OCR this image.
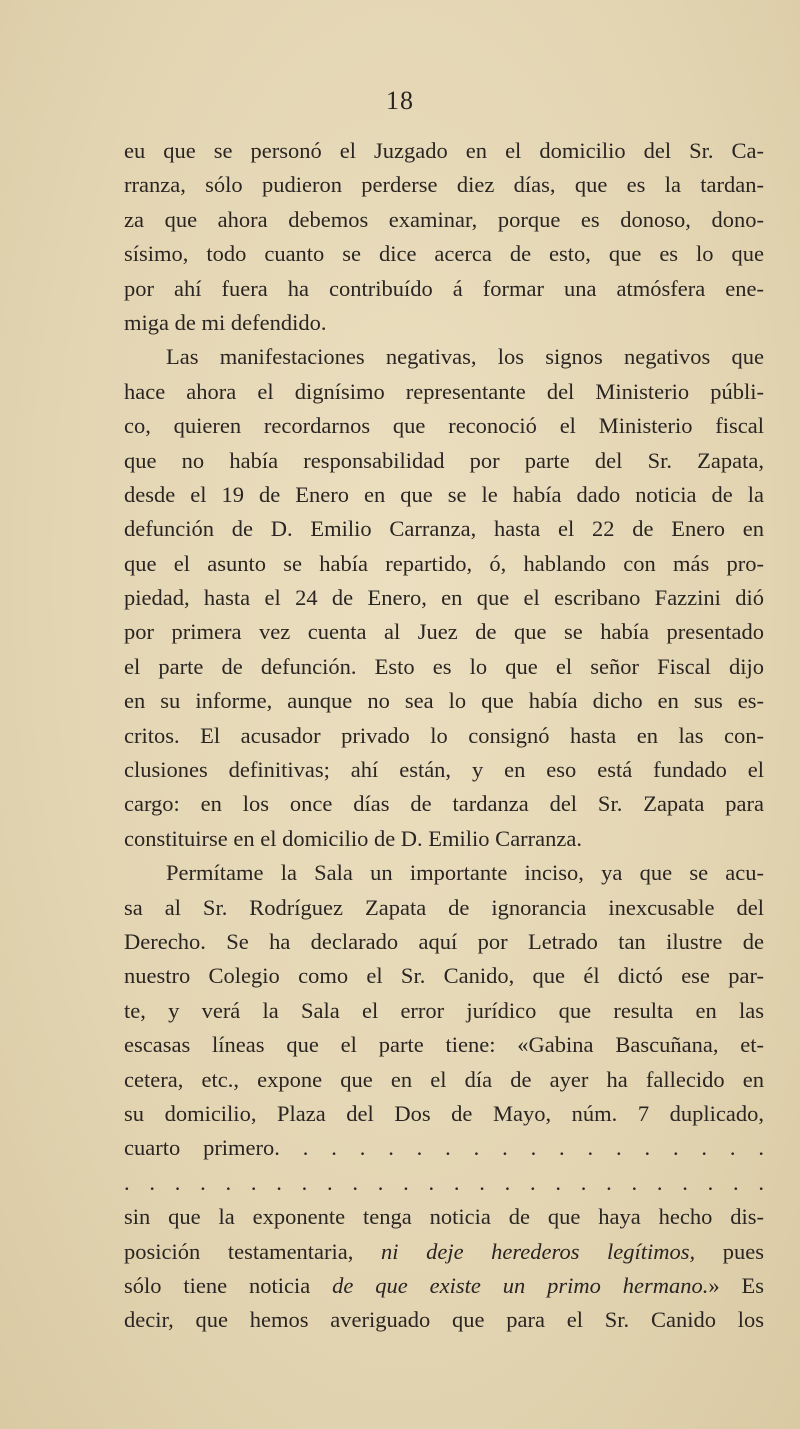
18
eu que se personó el Juzgado en el domicilio del Sr. Ca-
rranza, sólo pudieron perderse diez días, que es la tardan-
za que ahora debemos examinar, porque es donoso, dono-
sísimo, todo cuanto se dice acerca de esto, que es lo que
por ahí fuera ha contribuído á formar una atmósfera ene-
miga de mi defendido.
Las manifestaciones negativas, los signos negativos que
hace ahora el dignísimo representante del Ministerio públi-
co, quieren recordarnos que reconoció el Ministerio fiscal
que no había responsabilidad por parte del Sr. Zapata,
desde el 19 de Enero en que se le había dado noticia de la
defunción de D. Emilio Carranza, hasta el 22 de Enero en
que el asunto se había repartido, ó, hablando con más pro-
piedad, hasta el 24 de Enero, en que el escribano Fazzini dió
por primera vez cuenta al Juez de que se había presentado
el parte de defunción. Esto es lo que el señor Fiscal dijo
en su informe, aunque no sea lo que había dicho en sus es-
critos. El acusador privado lo consignó hasta en las con-
clusiones definitivas; ahí están, y en eso está fundado el
cargo: en los once días de tardanza del Sr. Zapata para
constituirse en el domicilio de D. Emilio Carranza.
Permítame la Sala un importante inciso, ya que se acu-
sa al Sr. Rodríguez Zapata de ignorancia inexcusable del
Derecho. Se ha declarado aquí por Letrado tan ilustre de
nuestro Colegio como el Sr. Canido, que él dictó ese par-
te, y verá la Sala el error jurídico que resulta en las
escasas líneas que el parte tiene: «Gabina Bascuñana, et-
cetera, etc., expone que en el día de ayer ha fallecido en
su domicilio, Plaza del Dos de Mayo, núm. 7 duplicado,
cuarto primero. . . . . . . . . . . . . . . . . .
. . . . . . . . . . . . . . . . . . . . . . . . . .
sin que la exponente tenga noticia de que haya hecho dis-
posición testamentaria, ni deje herederos legítimos, pues
sólo tiene noticia de que existe un primo hermano.» Es
decir, que hemos averiguado que para el Sr. Canido los
